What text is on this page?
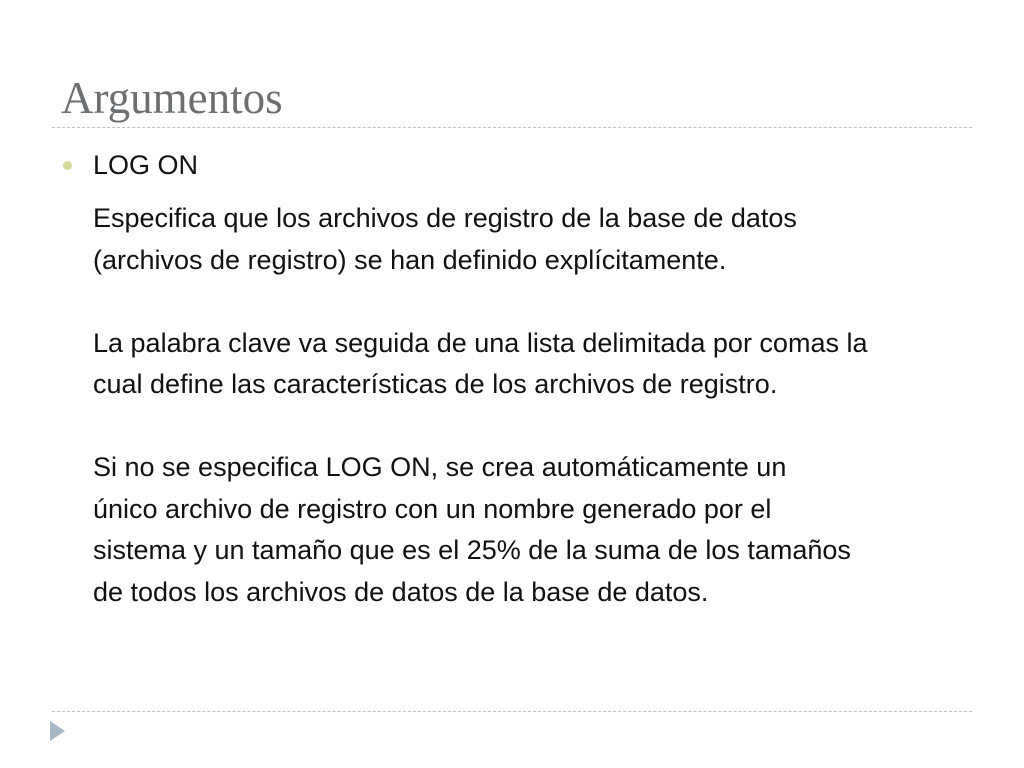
Argumentos
LOG ON

Especifica que los archivos de registro de la base de datos
(archivos de registro) se han definido explícitamente.

La palabra clave va seguida de una lista delimitada por comas la
cual define las características de los archivos de registro.

Si no se especifica LOG ON, se crea automáticamente un
único archivo de registro con un nombre generado por el
sistema y un tamaño que es el 25% de la suma de los tamaños
de todos los archivos de datos de la base de datos.
